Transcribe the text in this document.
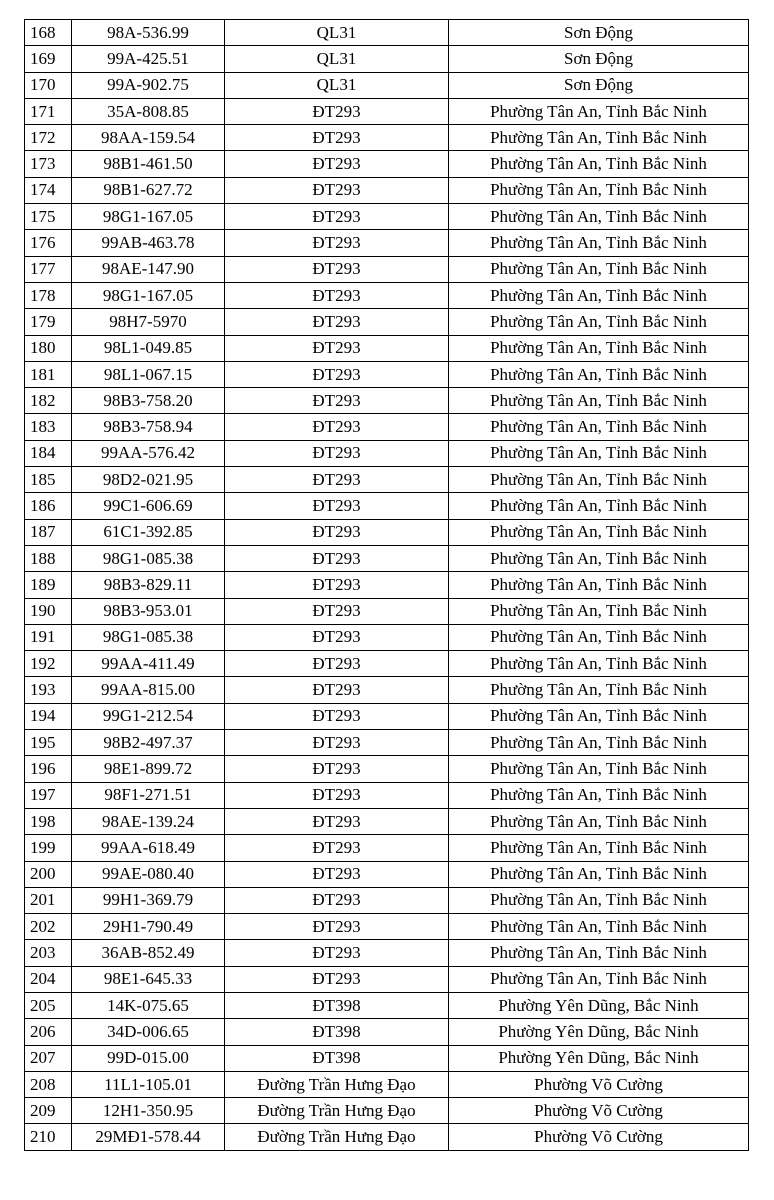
168	98A-536.99	QL31	Sơn Động
169	99A-425.51	QL31	Sơn Động
170	99A-902.75	QL31	Sơn Động
171	35A-808.85	ĐT293	Phường Tân An, Tỉnh Bắc Ninh
172	98AA-159.54	ĐT293	Phường Tân An, Tỉnh Bắc Ninh
173	98B1-461.50	ĐT293	Phường Tân An, Tỉnh Bắc Ninh
174	98B1-627.72	ĐT293	Phường Tân An, Tỉnh Bắc Ninh
175	98G1-167.05	ĐT293	Phường Tân An, Tỉnh Bắc Ninh
176	99AB-463.78	ĐT293	Phường Tân An, Tỉnh Bắc Ninh
177	98AE-147.90	ĐT293	Phường Tân An, Tỉnh Bắc Ninh
178	98G1-167.05	ĐT293	Phường Tân An, Tỉnh Bắc Ninh
179	98H7-5970	ĐT293	Phường Tân An, Tỉnh Bắc Ninh
180	98L1-049.85	ĐT293	Phường Tân An, Tỉnh Bắc Ninh
181	98L1-067.15	ĐT293	Phường Tân An, Tỉnh Bắc Ninh
182	98B3-758.20	ĐT293	Phường Tân An, Tỉnh Bắc Ninh
183	98B3-758.94	ĐT293	Phường Tân An, Tỉnh Bắc Ninh
184	99AA-576.42	ĐT293	Phường Tân An, Tỉnh Bắc Ninh
185	98D2-021.95	ĐT293	Phường Tân An, Tỉnh Bắc Ninh
186	99C1-606.69	ĐT293	Phường Tân An, Tỉnh Bắc Ninh
187	61C1-392.85	ĐT293	Phường Tân An, Tỉnh Bắc Ninh
188	98G1-085.38	ĐT293	Phường Tân An, Tỉnh Bắc Ninh
189	98B3-829.11	ĐT293	Phường Tân An, Tỉnh Bắc Ninh
190	98B3-953.01	ĐT293	Phường Tân An, Tỉnh Bắc Ninh
191	98G1-085.38	ĐT293	Phường Tân An, Tỉnh Bắc Ninh
192	99AA-411.49	ĐT293	Phường Tân An, Tỉnh Bắc Ninh
193	99AA-815.00	ĐT293	Phường Tân An, Tỉnh Bắc Ninh
194	99G1-212.54	ĐT293	Phường Tân An, Tỉnh Bắc Ninh
195	98B2-497.37	ĐT293	Phường Tân An, Tỉnh Bắc Ninh
196	98E1-899.72	ĐT293	Phường Tân An, Tỉnh Bắc Ninh
197	98F1-271.51	ĐT293	Phường Tân An, Tỉnh Bắc Ninh
198	98AE-139.24	ĐT293	Phường Tân An, Tỉnh Bắc Ninh
199	99AA-618.49	ĐT293	Phường Tân An, Tỉnh Bắc Ninh
200	99AE-080.40	ĐT293	Phường Tân An, Tỉnh Bắc Ninh
201	99H1-369.79	ĐT293	Phường Tân An, Tỉnh Bắc Ninh
202	29H1-790.49	ĐT293	Phường Tân An, Tỉnh Bắc Ninh
203	36AB-852.49	ĐT293	Phường Tân An, Tỉnh Bắc Ninh
204	98E1-645.33	ĐT293	Phường Tân An, Tỉnh Bắc Ninh
205	14K-075.65	ĐT398	Phường Yên Dũng, Bắc Ninh
206	34D-006.65	ĐT398	Phường Yên Dũng, Bắc Ninh
207	99D-015.00	ĐT398	Phường Yên Dũng, Bắc Ninh
208	11L1-105.01	Đường Trần Hưng Đạo	Phường Võ Cường
209	12H1-350.95	Đường Trần Hưng Đạo	Phường Võ Cường
210	29MĐ1-578.44	Đường Trần Hưng Đạo	Phường Võ Cường
